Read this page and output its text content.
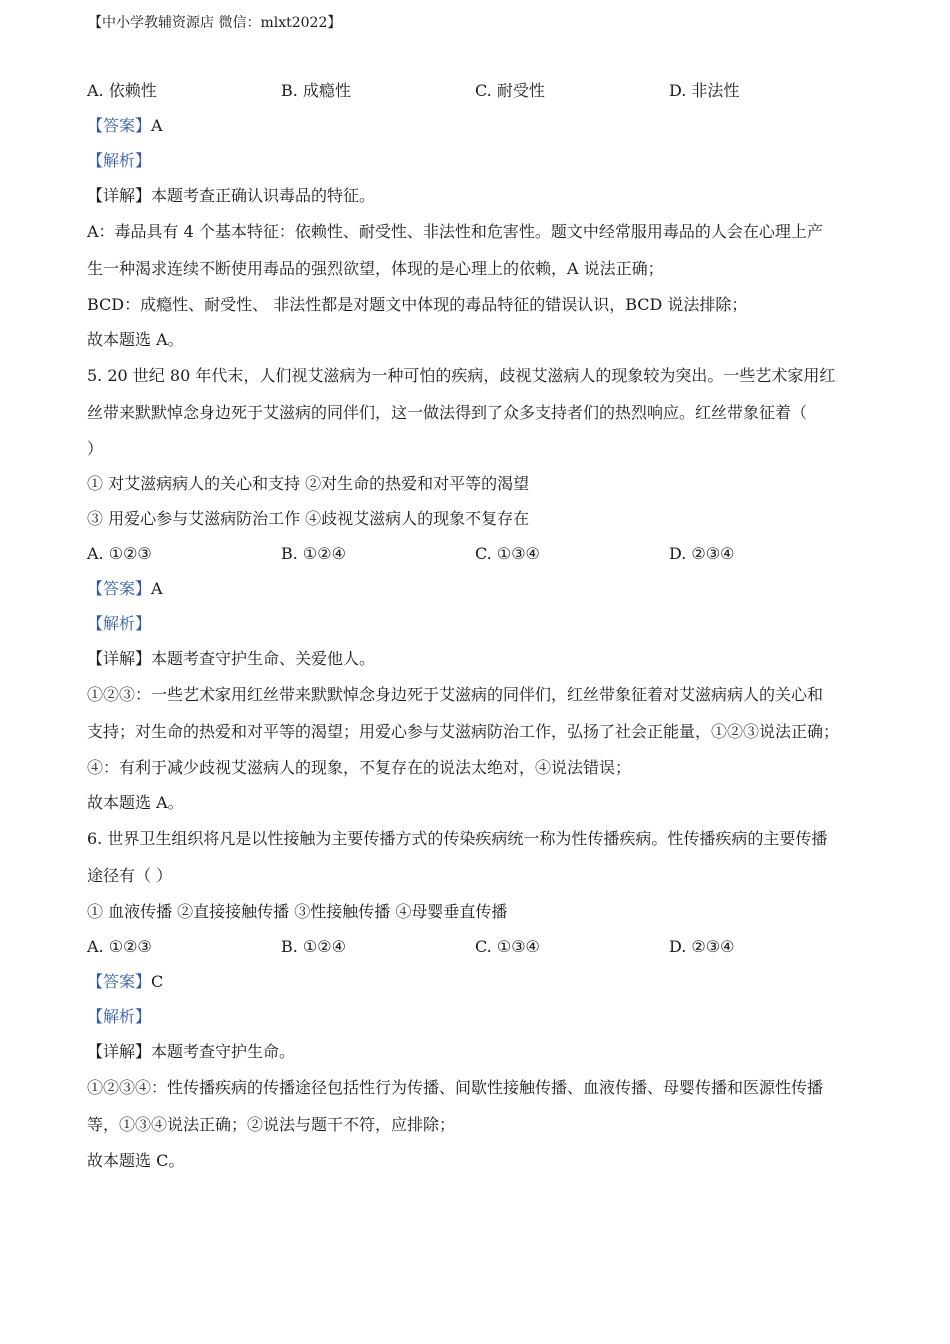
【中小学教辅资源店 微信：mlxt2022】
A. 依赖性	B. 成瘾性	C. 耐受性	D. 非法性
【答案】A
【解析】
【详解】本题考查正确认识毒品的特征。
A：毒品具有 4 个基本特征：依赖性、耐受性、非法性和危害性。题文中经常服用毒品的人会在心理上产
生一种渴求连续不断使用毒品的强烈欲望，体现的是心理上的依赖，A 说法正确；
BCD：成瘾性、耐受性、 非法性都是对题文中体现的毒品特征的错误认识，BCD 说法排除；
故本题选 A。
5. 20 世纪 80 年代末，人们视艾滋病为一种可怕的疾病，歧视艾滋病人的现象较为突出。一些艺术家用红
丝带来默默悼念身边死于艾滋病的同伴们，这一做法得到了众多支持者们的热烈响应。红丝带象征着（
）
① 对艾滋病病人的关心和支持 ②对生命的热爱和对平等的渴望
③ 用爱心参与艾滋病防治工作 ④歧视艾滋病人的现象不复存在
A. ①②③	B. ①②④	C. ①③④	D. ②③④
【答案】A
【解析】
【详解】本题考查守护生命、关爱他人。
①②③：一些艺术家用红丝带来默默悼念身边死于艾滋病的同伴们，红丝带象征着对艾滋病病人的关心和
支持；对生命的热爱和对平等的渴望；用爱心参与艾滋病防治工作，弘扬了社会正能量，①②③说法正确；
④：有利于减少歧视艾滋病人的现象，不复存在的说法太绝对，④说法错误；
故本题选 A。
6. 世界卫生组织将凡是以性接触为主要传播方式的传染疾病统一称为性传播疾病。性传播疾病的主要传播
途径有（ ）
① 血液传播 ②直接接触传播 ③性接触传播 ④母婴垂直传播
A. ①②③	B. ①②④	C. ①③④	D. ②③④
【答案】C
【解析】
【详解】本题考查守护生命。
①②③④：性传播疾病的传播途径包括性行为传播、间歇性接触传播、血液传播、母婴传播和医源性传播
等，①③④说法正确；②说法与题干不符，应排除；
故本题选 C。
